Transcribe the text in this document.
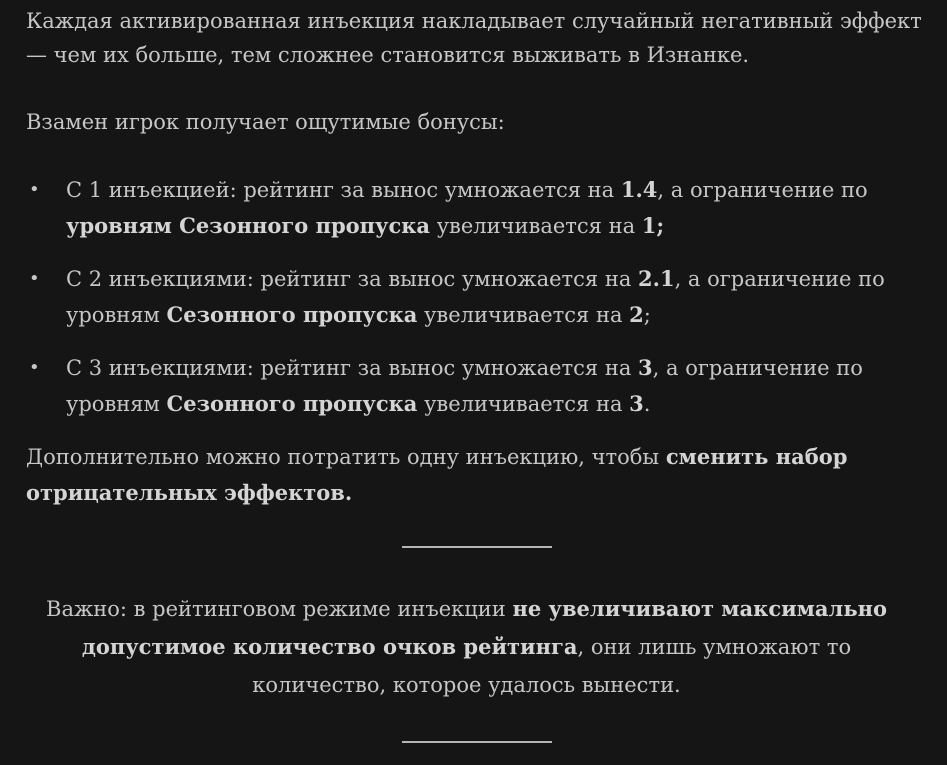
Каждая активированная инъекция накладывает случайный негативный эффект — чем их больше, тем сложнее становится выживать в Изнанке.

Взамен игрок получает ощутимые бонусы:

• С 1 инъекцией: рейтинг за вынос умножается на 1.4, а ограничение по уровням Сезонного пропуска увеличивается на 1;
• С 2 инъекциями: рейтинг за вынос умножается на 2.1, а ограничение по уровням Сезонного пропуска увеличивается на 2;
• С 3 инъекциями: рейтинг за вынос умножается на 3, а ограничение по уровням Сезонного пропуска увеличивается на 3.

Дополнительно можно потратить одну инъекцию, чтобы сменить набор отрицательных эффектов.

Важно: в рейтинговом режиме инъекции не увеличивают максимально допустимое количество очков рейтинга, они лишь умножают то количество, которое удалось вынести.
